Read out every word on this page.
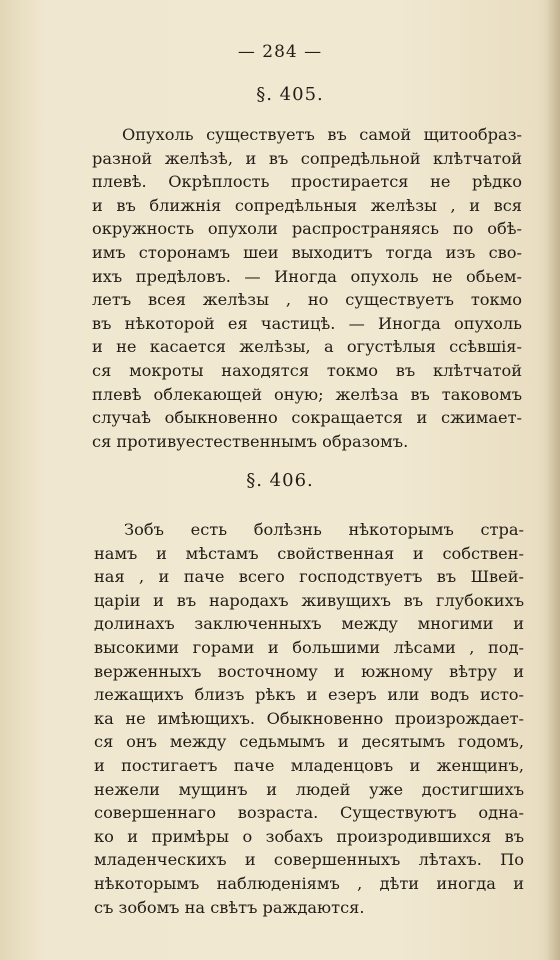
— 284 —
§. 405.
Опухоль существуетъ въ самой щитообраз-
разной желѣзѣ, и въ сопредѣльной клѣтчатой
плевѣ. Окрѣплость простирается не рѣдко
и въ ближнія сопредѣльныя желѣзы , и вся
окружность опухоли распространяясь по обѣ-
имъ сторонамъ шеи выходитъ тогда изъ сво-
ихъ предѣловъ. — Иногда опухоль не обьем-
летъ всея желѣзы , но существуетъ токмо
въ нѣкоторой ея частицѣ. — Иногда опухоль
и не касается желѣзы, а огустѣлыя ссѣвшія-
ся мокроты находятся токмо въ клѣтчатой
плевѣ облекающей оную; желѣза въ таковомъ
случаѣ обыкновенно сокращается и сжимает-
ся противуестественнымъ образомъ.
§. 406.
Зобъ есть болѣзнь нѣкоторымъ стра-
намъ и мѣстамъ свойственная и собствен-
ная , и паче всего господствуетъ въ Швей-
царіи и въ народахъ живущихъ въ глубокихъ
долинахъ заключенныхъ между многими и
высокими горами и большими лѣсами , под-
верженныхъ восточному и южному вѣтру и
лежащихъ близъ рѣкъ и езеръ или водъ исто-
ка не имѣющихъ. Обыкновенно произрождает-
ся онъ между седьмымъ и десятымъ годомъ,
и постигаетъ паче младенцовъ и женщинъ,
нежели мущинъ и людей уже достигшихъ
совершеннаго возраста. Существуютъ одна-
ко и примѣры о зобахъ произродившихся въ
младенческихъ и совершенныхъ лѣтахъ. По
нѣкоторымъ наблюденіямъ , дѣти иногда и
съ зобомъ на свѣтъ раждаются.
